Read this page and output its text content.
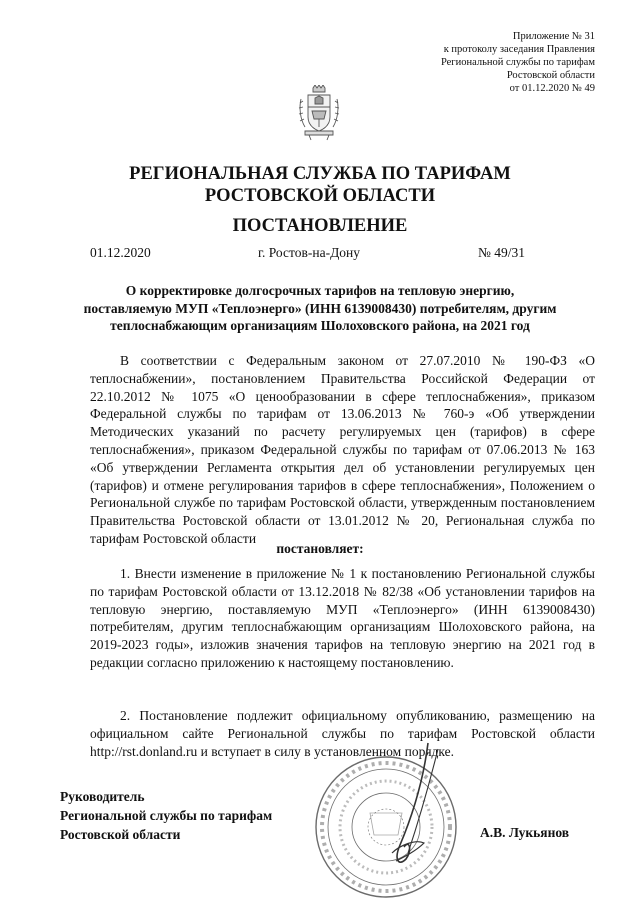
Приложение № 31
к протоколу заседания Правления
Региональной службы по тарифам
Ростовской области
от 01.12.2020 № 49
РЕГИОНАЛЬНАЯ СЛУЖБА ПО ТАРИФАМ
РОСТОВСКОЙ ОБЛАСТИ
ПОСТАНОВЛЕНИЕ
01.12.2020	г. Ростов-на-Дону	№ 49/31
О корректировке долгосрочных тарифов на тепловую энергию,
поставляемую МУП «Теплоэнерго» (ИНН 6139008430) потребителям, другим
теплоснабжающим организациям Шолоховского района, на 2021 год

В соответствии с Федеральным законом от 27.07.2010 № 190-ФЗ «О теплоснабжении», постановлением Правительства Российской Федерации от 22.10.2012 № 1075 «О ценообразовании в сфере теплоснабжения», приказом Федеральной службы по тарифам от 13.06.2013 № 760-э «Об утверждении Методических указаний по расчету регулируемых цен (тарифов) в сфере теплоснабжения», приказом Федеральной службы по тарифам от 07.06.2013 № 163 «Об утверждении Регламента открытия дел об установлении регулируемых цен (тарифов) и отмене регулирования тарифов в сфере теплоснабжения», Положением о Региональной службе по тарифам Ростовской области, утвержденным постановлением Правительства Ростовской области от 13.01.2012 № 20, Региональная служба по тарифам Ростовской области

постановляет:

1. Внести изменение в приложение № 1 к постановлению Региональной службы по тарифам Ростовской области от 13.12.2018 № 82/38 «Об установлении тарифов на тепловую энергию, поставляемую МУП «Теплоэнерго» (ИНН 6139008430) потребителям, другим теплоснабжающим организациям Шолоховского района, на 2019-2023 годы», изложив значения тарифов на тепловую энергию на 2021 год в редакции согласно приложению к настоящему постановлению.

2. Постановление подлежит официальному опубликованию, размещению на официальном сайте Региональной службы по тарифам Ростовской области http://rst.donland.ru и вступает в силу в установленном порядке.

Руководитель
Региональной службы по тарифам
Ростовской области	А.В. Лукьянов
